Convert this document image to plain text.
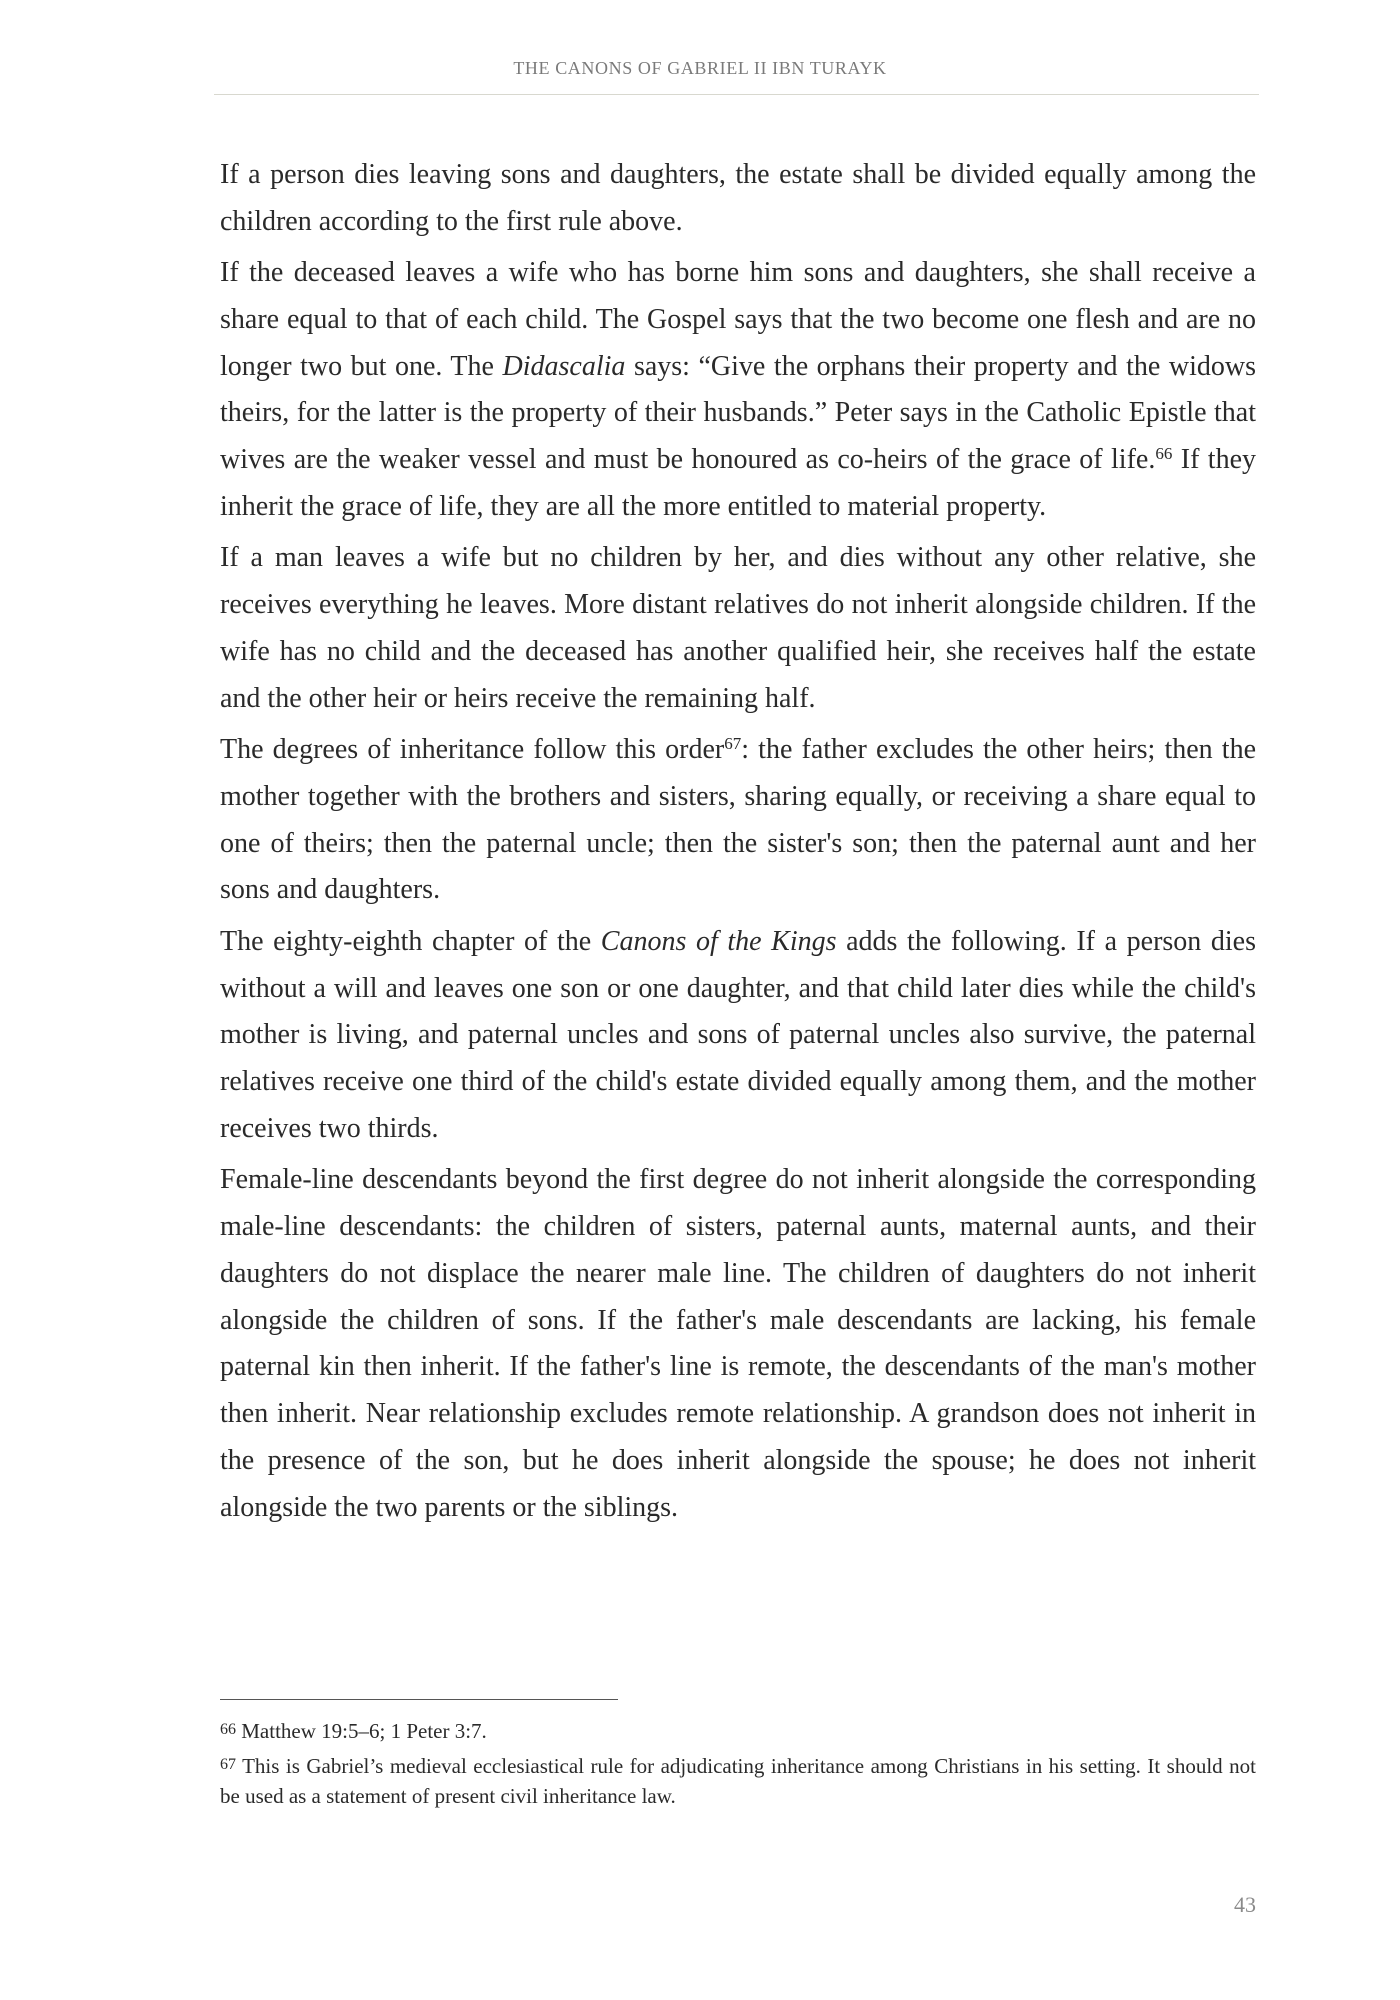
THE CANONS OF GABRIEL II IBN TURAYK

If a person dies leaving sons and daughters, the estate shall be divided equally among the children according to the first rule above.

If the deceased leaves a wife who has borne him sons and daughters, she shall receive a share equal to that of each child. The Gospel says that the two become one flesh and are no longer two but one. The Didascalia says: “Give the orphans their property and the widows theirs, for the latter is the property of their husbands.” Peter says in the Catholic Epistle that wives are the weaker vessel and must be honoured as co-heirs of the grace of life.$^{66}$ If they inherit the grace of life, they are all the more entitled to material property.

If a man leaves a wife but no children by her, and dies without any other relative, she receives everything he leaves. More distant relatives do not inherit alongside children. If the wife has no child and the deceased has another qualified heir, she receives half the estate and the other heir or heirs receive the remaining half.

The degrees of inheritance follow this order$^{67}$: the father excludes the other heirs; then the mother together with the brothers and sisters, sharing equally, or receiving a share equal to one of theirs; then the paternal uncle; then the sister's son; then the paternal aunt and her sons and daughters.

The eighty-eighth chapter of the Canons of the Kings adds the following. If a person dies without a will and leaves one son or one daughter, and that child later dies while the child's mother is living, and paternal uncles and sons of paternal uncles also survive, the paternal relatives receive one third of the child's estate divided equally among them, and the mother receives two thirds.

Female-line descendants beyond the first degree do not inherit alongside the corresponding male-line descendants: the children of sisters, paternal aunts, maternal aunts, and their daughters do not displace the nearer male line. The children of daughters do not inherit alongside the children of sons. If the father's male descendants are lacking, his female paternal kin then inherit. If the father's line is remote, the descendants of the man's mother then inherit. Near relationship excludes remote relationship. A grandson does not inherit in the presence of the son, but he does inherit alongside the spouse; he does not inherit alongside the two parents or the siblings.

66 Matthew 19:5–6; 1 Peter 3:7.

67 This is Gabriel’s medieval ecclesiastical rule for adjudicating inheritance among Christians in his setting. It should not be used as a statement of present civil inheritance law.

43
